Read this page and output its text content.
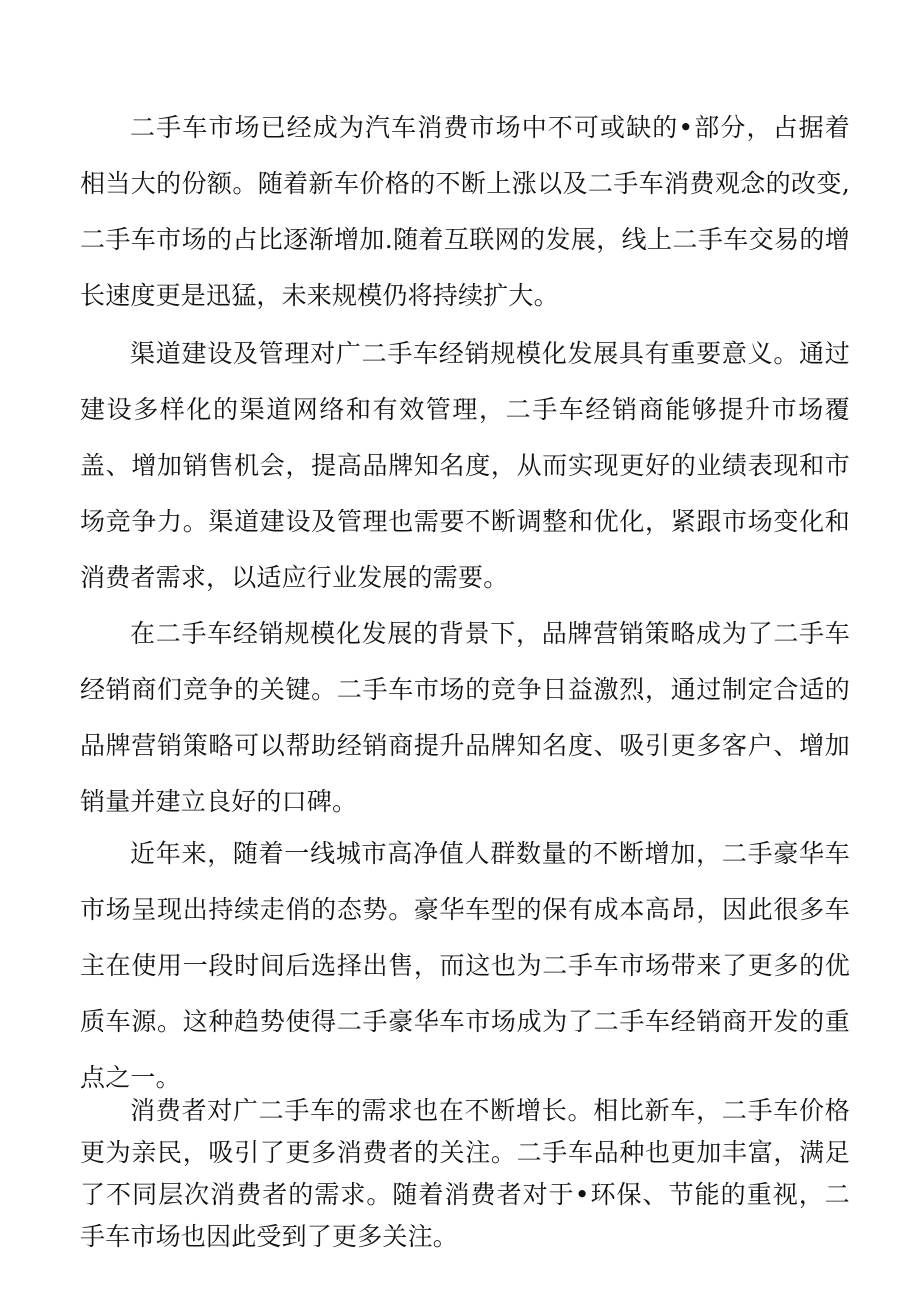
二手车市场已经成为汽车消费市场中不可或缺的•部分，占据着相当大的份额。随着新车价格的不断上涨以及二手车消费观念的改变,二手车市场的占比逐渐增加.随着互联网的发展，线上二手车交易的增长速度更是迅猛，未来规模仍将持续扩大。

渠道建设及管理对广二手车经销规模化发展具有重要意义。通过建设多样化的渠道网络和有效管理，二手车经销商能够提升市场覆盖、增加销售机会，提高品牌知名度，从而实现更好的业绩表现和市场竞争力。渠道建设及管理也需要不断调整和优化，紧跟市场变化和消费者需求，以适应行业发展的需要。

在二手车经销规模化发展的背景下，品牌营销策略成为了二手车经销商们竞争的关键。二手车市场的竞争日益激烈，通过制定合适的品牌营销策略可以帮助经销商提升品牌知名度、吸引更多客户、增加销量并建立良好的口碑。

近年来，随着一线城市高净值人群数量的不断增加，二手豪华车市场呈现出持续走俏的态势。豪华车型的保有成本高昂，因此很多车主在使用一段时间后选择出售，而这也为二手车市场带来了更多的优质车源。这种趋势使得二手豪华车市场成为了二手车经销商开发的重点之一。

消费者对广二手车的需求也在不断增长。相比新车，二手车价格更为亲民，吸引了更多消费者的关注。二手车品种也更加丰富，满足了不同层次消费者的需求。随着消费者对于•环保、节能的重视，二手车市场也因此受到了更多关注。
